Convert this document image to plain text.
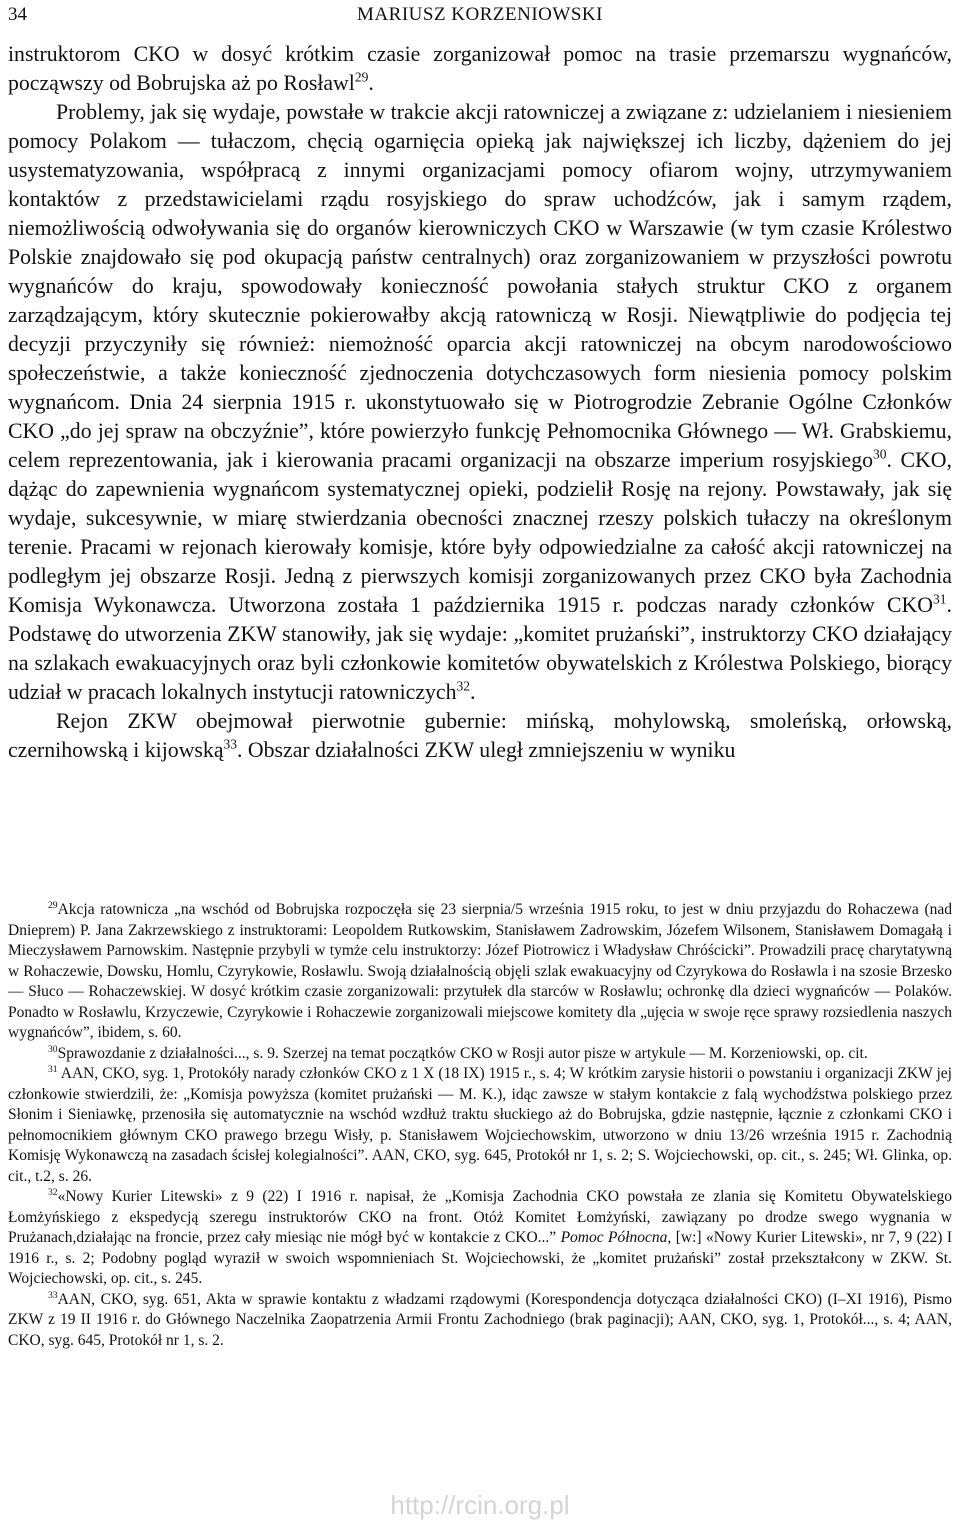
34	MARIUSZ KORZENIOWSKI

instruktorom CKO w dosyć krótkim czasie zorganizował pomoc na trasie przemarszu wygnańców, począwszy od Bobrujska aż po Rosławl$^{29}$.

Problemy, jak się wydaje, powstałe w trakcie akcji ratowniczej a związane z: udzielaniem i niesieniem pomocy Polakom — tułaczom, chęcią ogarnięcia opieką jak największej ich liczby, dążeniem do jej usystematyzowania, współpracą z innymi organizacjami pomocy ofiarom wojny, utrzymywaniem kontaktów z przedstawicielami rządu rosyjskiego do spraw uchodźców, jak i samym rządem, niemożliwością odwoływania się do organów kierowniczych CKO w Warszawie (w tym czasie Królestwo Polskie znajdowało się pod okupacją państw centralnych) oraz zorganizowaniem w przyszłości powrotu wygnańców do kraju, spowodowały konieczność powołania stałych struktur CKO z organem zarządzającym, który skutecznie pokierowałby akcją ratowniczą w Rosji. Niewątpliwie do podjęcia tej decyzji przyczyniły się również: niemożność oparcia akcji ratowniczej na obcym narodowościowo społeczeństwie, a także konieczność zjednoczenia dotychczasowych form niesienia pomocy polskim wygnańcom. Dnia 24 sierpnia 1915 r. ukonstytuowało się w Piotrogrodzie Zebranie Ogólne Członków CKO „do jej spraw na obczyźnie”, które powierzyło funkcję Pełnomocnika Głównego — Wł. Grabskiemu, celem reprezentowania, jak i kierowania pracami organizacji na obszarze imperium rosyjskiego$^{30}$. CKO, dążąc do zapewnienia wygnańcom systematycznej opieki, podzielił Rosję na rejony. Powstawały, jak się wydaje, sukcesywnie, w miarę stwierdzania obecności znacznej rzeszy polskich tułaczy na określonym terenie. Pracami w rejonach kierowały komisje, które były odpowiedzialne za całość akcji ratowniczej na podległym jej obszarze Rosji. Jedną z pierwszych komisji zorganizowanych przez CKO była Zachodnia Komisja Wykonawcza. Utworzona została 1 października 1915 r. podczas narady członków CKO$^{31}$. Podstawę do utworzenia ZKW stanowiły, jak się wydaje: „komitet prużański”, instruktorzy CKO działający na szlakach ewakuacyjnych oraz byli członkowie komitetów obywatelskich z Królestwa Polskiego, biorący udział w pracach lokalnych instytucji ratowniczych$^{32}$.

Rejon ZKW obejmował pierwotnie gubernie: mińską, mohylowską, smoleńską, orłowską, czernihowską i kijowską$^{33}$. Obszar działalności ZKW uległ zmniejszeniu w wyniku

$^{29}$Akcja ratownicza „na wschód od Bobrujska rozpoczęła się 23 sierpnia/5 września 1915 roku, to jest w dniu przyjazdu do Rohaczewa (nad Dnieprem) P. Jana Zakrzewskiego z instruktorami: Leopoldem Rutkowskim, Stanisławem Zadrowskim, Józefem Wilsonem, Stanisławem Domagałą i Mieczysławem Parnowskim. Następnie przybyli w tymże celu instruktorzy: Józef Piotrowicz i Władysław Chróścicki”. Prowadzili pracę charytatywną w Rohaczewie, Dowsku, Homlu, Czyrykowie, Rosławlu. Swoją działalnością objęli szlak ewakuacyjny od Czyrykowa do Rosławla i na szosie Brzesko — Słuco — Rohaczewskiej. W dosyć krótkim czasie zorganizowali: przytułek dla starców w Rosławlu; ochronkę dla dzieci wygnańców — Polaków. Ponadto w Rosławlu, Krzyczewie, Czyrykowie i Rohaczewie zorganizowali miejscowe komitety dla „ujęcia w swoje ręce sprawy rozsiedlenia naszych wygnańców”, ibidem, s. 60.

$^{30}$Sprawozdanie z działalności..., s. 9. Szerzej na temat początków CKO w Rosji autor pisze w artykule — M. Korzeniowski, op. cit.

$^{31}$ AAN, CKO, syg. 1, Protokóły narady członków CKO z 1 X (18 IX) 1915 r., s. 4; W krótkim zarysie historii o powstaniu i organizacji ZKW jej członkowie stwierdzili, że: „Komisja powyższa (komitet prużański — M. K.), idąc zawsze w stałym kontakcie z falą wychodźstwa polskiego przez Słonim i Sieniawkę, przenosiła się automatycznie na wschód wzdłuż traktu słuckiego aż do Bobrujska, gdzie następnie, łącznie z członkami CKO i pełnomocnikiem głównym CKO prawego brzegu Wisły, p. Stanisławem Wojciechowskim, utworzono w dniu 13/26 września 1915 r. Zachodnią Komisję Wykonawczą na zasadach ścisłej kolegialności”. AAN, CKO, syg. 645, Protokół nr 1, s. 2; S. Wojciechowski, op. cit., s. 245; Wł. Glinka, op. cit., t.2, s. 26.

$^{32}$«Nowy Kurier Litewski» z 9 (22) I 1916 r. napisał, że „Komisja Zachodnia CKO powstała ze zlania się Komitetu Obywatelskiego Łomżyńskiego z ekspedycją szeregu instruktorów CKO na front. Otóż Komitet Łomżyński, zawiązany po drodze swego wygnania w Prużanach,działając na froncie, przez cały miesiąc nie mógł być w kontakcie z CKO...” Pomoc Północna, [w:] «Nowy Kurier Litewski», nr 7, 9 (22) I 1916 r., s. 2; Podobny pogląd wyraził w swoich wspomnieniach St. Wojciechowski, że „komitet prużański” został przekształcony w ZKW. St. Wojciechowski, op. cit., s. 245.

$^{33}$AAN, CKO, syg. 651, Akta w sprawie kontaktu z władzami rządowymi (Korespondencja dotycząca działalności CKO) (I–XI 1916), Pismo ZKW z 19 II 1916 r. do Głównego Naczelnika Zaopatrzenia Armii Frontu Zachodniego (brak paginacji); AAN, CKO, syg. 1, Protokół..., s. 4; AAN, CKO, syg. 645, Protokół nr 1, s. 2.

http://rcin.org.pl
